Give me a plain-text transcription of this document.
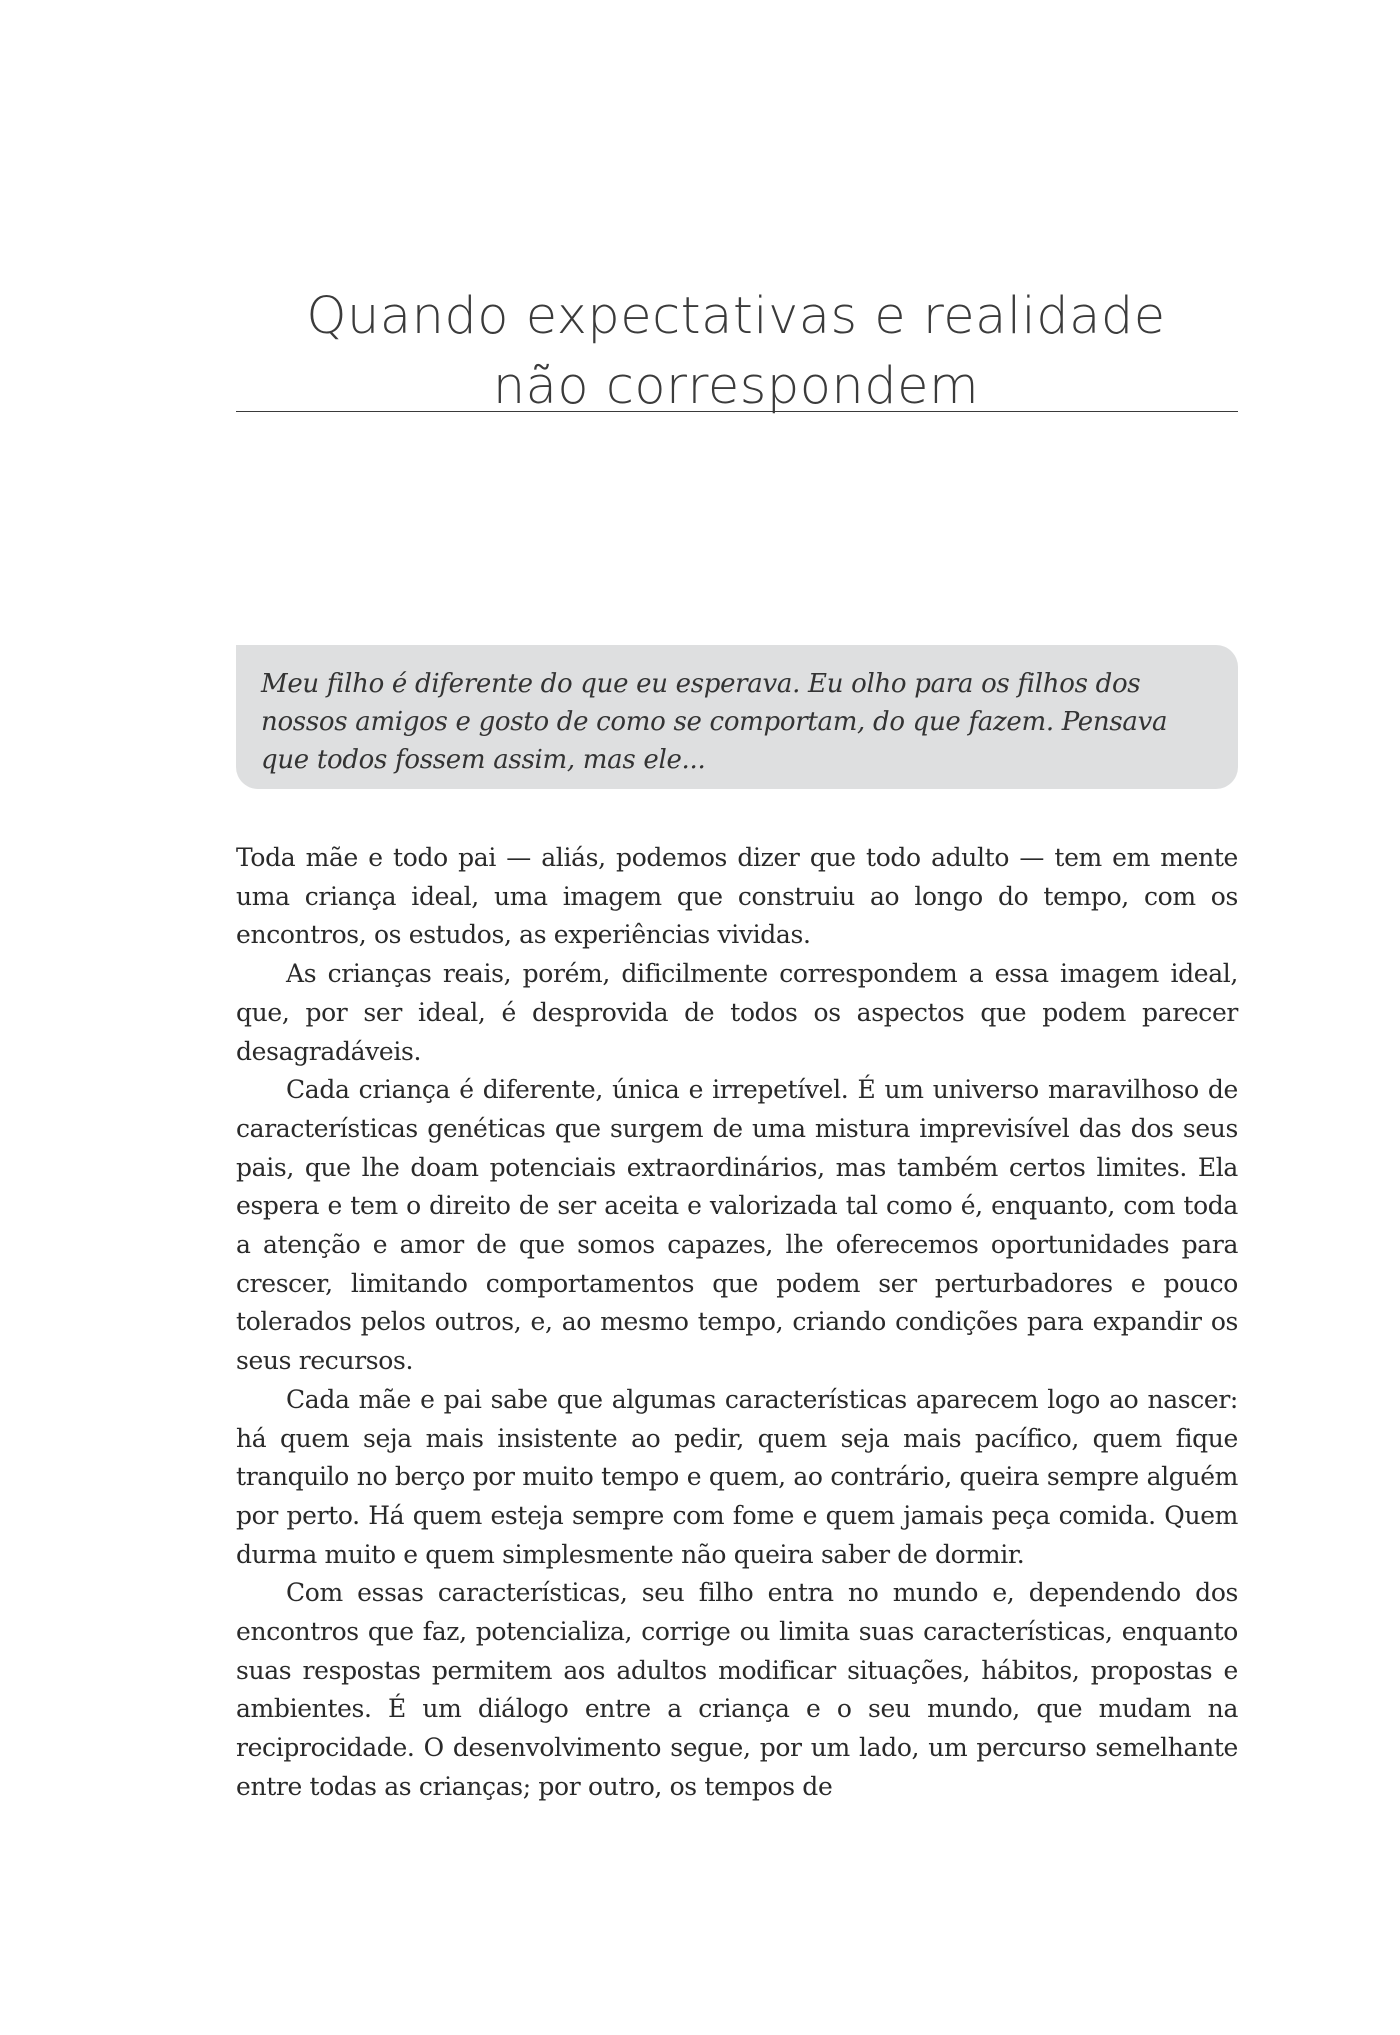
Quando expectativas e realidade
não correspondem

Meu filho é diferente do que eu esperava. Eu olho para os filhos dos nossos amigos e gosto de como se comportam, do que fazem. Pensava que todos fossem assim, mas ele...

Toda mãe e todo pai — aliás, podemos dizer que todo adulto — tem em mente uma criança ideal, uma imagem que construiu ao longo do tempo, com os encontros, os estudos, as experiências vividas.

As crianças reais, porém, dificilmente correspondem a essa imagem ideal, que, por ser ideal, é desprovida de todos os aspectos que podem parecer desagradáveis.

Cada criança é diferente, única e irrepetível. É um universo maravilhoso de características genéticas que surgem de uma mistura imprevisível das dos seus pais, que lhe doam potenciais extraordinários, mas também certos limites. Ela espera e tem o direito de ser aceita e valorizada tal como é, enquanto, com toda a atenção e amor de que somos capazes, lhe oferecemos oportunidades para crescer, limitando comportamentos que podem ser perturbadores e pouco tolerados pelos outros, e, ao mesmo tempo, criando condições para expandir os seus recursos.

Cada mãe e pai sabe que algumas características aparecem logo ao nascer: há quem seja mais insistente ao pedir, quem seja mais pacífico, quem fique tranquilo no berço por muito tempo e quem, ao contrário, queira sempre alguém por perto. Há quem esteja sempre com fome e quem jamais peça comida. Quem durma muito e quem simplesmente não queira saber de dormir.

Com essas características, seu filho entra no mundo e, dependendo dos encontros que faz, potencializa, corrige ou limita suas características, enquanto suas respostas permitem aos adultos modificar situações, hábitos, propostas e ambientes. É um diálogo entre a criança e o seu mundo, que mudam na reciprocidade. O desenvolvimento segue, por um lado, um percurso semelhante entre todas as crianças; por outro, os tempos de
